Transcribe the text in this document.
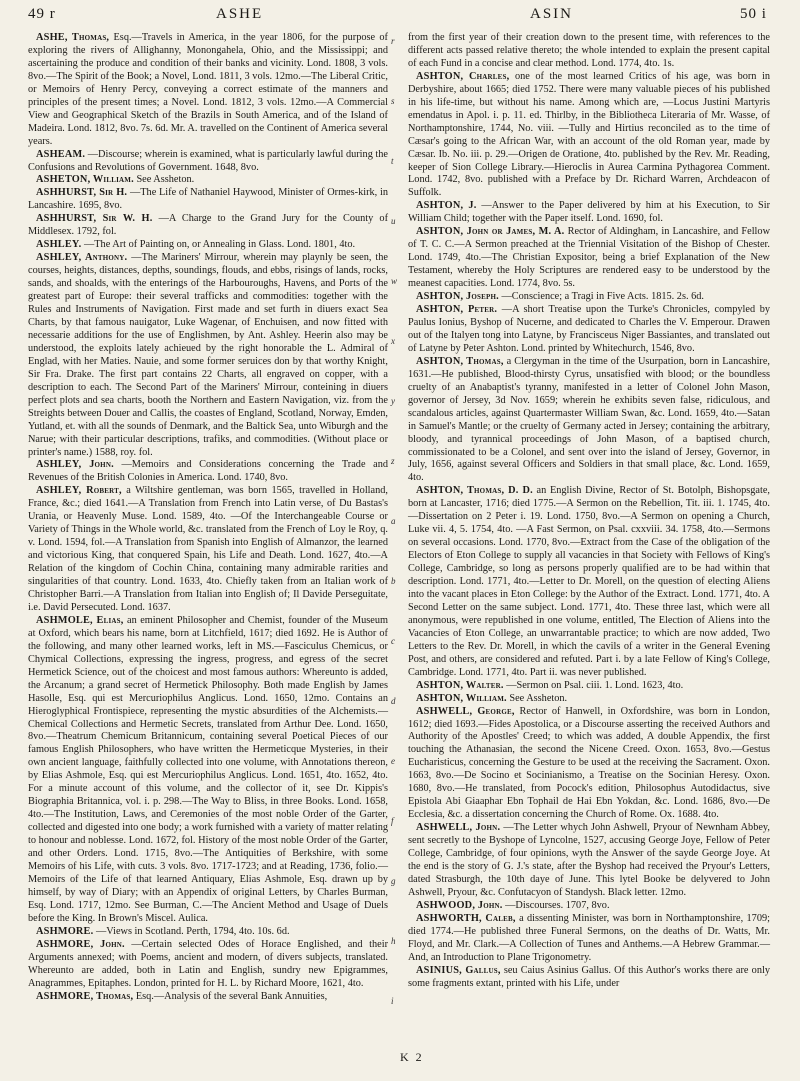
49 r	ASHE	ASIN	50 i

ASHE, Thomas, Esq.—Travels in America, in the year 1806, for the purpose of exploring the rivers of Allighanny, Monongahela, Ohio, and the Mississippi; and ascertaining the produce and condition of their banks and vicinity. Lond. 1808, 3 vols. 8vo.—The Spirit of the Book; a Novel, Lond. 1811, 3 vols. 12mo.—The Liberal Critic, or Memoirs of Henry Percy, conveying a correct estimate of the manners and principles of the present times; a Novel. Lond. 1812, 3 vols. 12mo.—A Commercial View and Geographical Sketch of the Brazils in South America, and of the Island of Madeira. Lond. 1812, 8vo. 7s. 6d. Mr. A. travelled on the Continent of America several years.

ASHEAM. —Discourse; wherein is examined, what is particularly lawful during the Confusions and Revolutions of Government. 1648, 8vo.

ASHETON, William. See Assheton.

ASHHURST, Sir H. —The Life of Nathaniel Haywood, Minister of Ormes-kirk, in Lancashire. 1695, 8vo.

ASHHURST, Sir W. H. —A Charge to the Grand Jury for the County of Middlesex. 1792, fol.

ASHLEY. —The Art of Painting on, or Annealing in Glass. Lond. 1801, 4to.

ASHLEY, Anthony. —The Mariners' Mirrour, wherein may playnly be seen, the courses, heights, distances, depths, soundings, flouds, and ebbs, risings of lands, rocks, sands, and shoalds, with the enterings of the Harbouroughs, Havens, and Ports of the greatest part of Europe: their several trafficks and commodities: together with the Rules and Instruments of Navigation. First made and set furth in diuers exact Sea Charts, by that famous nauigator, Luke Wagenar, of Enchuisen, and now fitted with necessarie additions for the use of Englishmen, by Ant. Ashley. Heerin also may be understood, the exploits lately achieued by the right honorable the L. Admiral of Englad, with her Maties. Nauie, and some former seruices don by that worthy Knight, Sir Fra. Drake. The first part contains 22 Charts, all engraved on copper, with a description to each. The Second Part of the Mariners' Mirrour, conteining in diuers perfect plots and sea charts, booth the Northern and Eastern Navigation, viz. from the Streights between Douer and Callis, the coastes of England, Scotland, Norway, Emden, Yutland, et. with all the sounds of Denmark, and the Baltick Sea, unto Wiburgh and the Narue; with their particular descriptions, trafiks, and commodities. (Without place or printer's name.) 1588, roy. fol.

ASHLEY, John. —Memoirs and Considerations concerning the Trade and Revenues of the British Colonies in America. Lond. 1740, 8vo.

ASHLEY, Robert, a Wiltshire gentleman, was born 1565, travelled in Holland, France, &c.; died 1641.—A Translation from French into Latin verse, of Du Bastas's Urania, or Heavenly Muse. Lond. 1589, 4to. —Of the Interchangeable Course or Variety of Things in the Whole world, &c. translated from the French of Loy le Roy, q. v. Lond. 1594, fol.—A Translation from Spanish into English of Almanzor, the learned and victorious King, that conquered Spain, his Life and Death. Lond. 1627, 4to.—A Relation of the kingdom of Cochin China, containing many admirable rarities and singularities of that country. Lond. 1633, 4to. Chiefly taken from an Italian work of Christopher Barri.—A Translation from Italian into English of; Il Davide Perseguitate, i.e. David Persecuted. Lond. 1637.

ASHMOLE, Elias, an eminent Philosopher and Chemist, founder of the Museum at Oxford, which bears his name, born at Litchfield, 1617; died 1692. He is Author of the following, and many other learned works, left in MS.—Fasciculus Chemicus, or Chymical Collections, expressing the ingress, progress, and egress of the secret Hermetick Science, out of the choicest and most famous authors: Whereunto is added, the Arcanum; a grand secret of Hermetick Philosophy. Both made English by James Hasolle, Esq. qui est Mercuriophilus Anglicus. Lond. 1650, 12mo. Contains an Hieroglyphical Frontispiece, representing the mystic absurdities of the Alchemists.—Chemical Collections and Hermetic Secrets, translated from Arthur Dee. Lond. 1650, 8vo.—Theatrum Chemicum Britannicum, containing several Poetical Pieces of our famous English Philosophers, who have written the Hermeticque Mysteries, in their own ancient language, faithfully collected into one volume, with Annotations thereon, by Elias Ashmole, Esq. qui est Mercuriophilus Anglicus. Lond. 1651, 4to. 1652, 4to. For a minute account of this volume, and the collector of it, see Dr. Kippis's Biographia Britannica, vol. i. p. 298.—The Way to Bliss, in three Books. Lond. 1658, 4to.—The Institution, Laws, and Ceremonies of the most noble Order of the Garter, collected and digested into one body; a work furnished with a variety of matter relating to honour and noblesse. Lond. 1672, fol. History of the most noble Order of the Garter, and other Orders. Lond. 1715, 8vo.—The Antiquities of Berkshire, with some Memoirs of his Life, with cuts. 3 vols. 8vo. 1717-1723; and at Reading, 1736, folio.—Memoirs of the Life of that learned Antiquary, Elias Ashmole, Esq. drawn up by himself, by way of Diary; with an Appendix of original Letters, by Charles Burman, Esq. Lond. 1717, 12mo. See Burman, C.—The Ancient Method and Usage of Duels before the King. In Brown's Miscel. Aulica.

ASHMORE. —Views in Scotland. Perth, 1794, 4to. 10s. 6d.

ASHMORE, John. —Certain selected Odes of Horace Englished, and their Arguments annexed; with Poems, ancient and modern, of divers subjects, translated. Whereunto are added, both in Latin and English, sundry new Epigrammes, Anagrammes, Epitaphes. London, printed for H. L. by Richard Moore, 1621, 4to.

ASHMORE, Thomas, Esq.—Analysis of the several Bank Annuities,

r
s
t
u
w
x
y
z
a
b
c
d
e
f
g
h
i

from the first year of their creation down to the present time, with references to the different acts passed relative thereto; the whole intended to explain the present capital of each Fund in a concise and clear method. Lond. 1774, 4to. 1s.

ASHTON, Charles, one of the most learned Critics of his age, was born in Derbyshire, about 1665; died 1752. There were many valuable pieces of his published in his life-time, but without his name. Among which are, —Locus Justini Martyris emendatus in Apol. i. p. 11. ed. Thirlby, in the Bibliotheca Literaria of Mr. Wasse, of Northamptonshire, 1744, No. viii. —Tully and Hirtius reconciled as to the time of Cæsar's going to the African War, with an account of the old Roman year, made by Cæsar. Ib. No. iii. p. 29.—Origen de Oratione, 4to. published by the Rev. Mr. Reading, keeper of Sion College Library.—Hieroclis in Aurea Carmina Pythagorea Comment. Lond. 1742, 8vo. published with a Preface by Dr. Richard Warren, Archdeacon of Suffolk.

ASHTON, J. —Answer to the Paper delivered by him at his Execution, to Sir William Child; together with the Paper itself. Lond. 1690, fol.

ASHTON, John or James, M. A. Rector of Aldingham, in Lancashire, and Fellow of T. C. C.—A Sermon preached at the Triennial Visitation of the Bishop of Chester. Lond. 1749, 4to.—The Christian Expositor, being a brief Explanation of the New Testament, whereby the Holy Scriptures are rendered easy to be understood by the meanest capacities. Lond. 1774, 8vo. 5s.

ASHTON, Joseph. —Conscience; a Tragi in Five Acts. 1815. 2s. 6d.

ASHTON, Peter. —A short Treatise upon the Turke's Chronicles, compyled by Paulus Ionius, Byshop of Nucerne, and dedicated to Charles the V. Emperour. Drawen out of the Italyen tong into Latyne, by Francisceus Niger Bassiantes, and translated out of Latyne by Peter Ashton. Lond. printed by Whitechurch, 1546, 8vo.

ASHTON, Thomas, a Clergyman in the time of the Usurpation, born in Lancashire, 1631.—He published, Blood-thirsty Cyrus, unsatisfied with blood; or the boundless cruelty of an Anabaptist's tyranny, manifested in a letter of Colonel John Mason, governor of Jersey, 3d Nov. 1659; wherein he exhibits seven false, ridiculous, and scandalous articles, against Quartermaster William Swan, &c. Lond. 1659, 4to.—Satan in Samuel's Mantle; or the cruelty of Germany acted in Jersey; containing the arbitrary, bloody, and tyrannical proceedings of John Mason, of a baptised church, commissionated to be a Colonel, and sent over into the island of Jersey, Governor, in July, 1656, against several Officers and Soldiers in that small place, &c. Lond. 1659, 4to.

ASHTON, Thomas, D. D. an English Divine, Rector of St. Botolph, Bishopsgate, born at Lancaster, 1716; died 1775.—A Sermon on the Rebellion, Tit. iii. 1. 1745, 4to.—Dissertation on 2 Peter i. 19. Lond. 1750, 8vo.—A Sermon on opening a Church, Luke vii. 4, 5. 1754, 4to. —A Fast Sermon, on Psal. cxxviii. 34. 1758, 4to.—Sermons on several occasions. Lond. 1770, 8vo.—Extract from the Case of the obligation of the Electors of Eton College to supply all vacancies in that Society with Fellows of King's College, Cambridge, so long as persons properly qualified are to be had within that description. Lond. 1771, 4to.—Letter to Dr. Morell, on the question of electing Aliens into the vacant places in Eton College: by the Author of the Extract. Lond. 1771, 4to. A Second Letter on the same subject. Lond. 1771, 4to. These three last, which were all anonymous, were republished in one volume, entitled, The Election of Aliens into the Vacancies of Eton College, an unwarrantable practice; to which are now added, Two Letters to the Rev. Dr. Morell, in which the cavils of a writer in the General Evening Post, and others, are considered and refuted. Part i. by a late Fellow of King's College, Cambridge. Lond. 1771, 4to. Part ii. was never published.

ASHTON, Walter. —Sermon on Psal. ciii. 1. Lond. 1623, 4to.

ASHTON, William. See Assheton.

ASHWELL, George, Rector of Hanwell, in Oxfordshire, was born in London, 1612; died 1693.—Fides Apostolica, or a Discourse asserting the received Authors and Authority of the Apostles' Creed; to which was added, A double Appendix, the first touching the Athanasian, the second the Nicene Creed. Oxon. 1653, 8vo.—Gestus Eucharisticus, concerning the Gesture to be used at the receiving the Sacrament. Oxon. 1663, 8vo.—De Socino et Socinianismo, a Treatise on the Socinian Heresy. Oxon. 1680, 8vo.—He translated, from Pocock's edition, Philosophus Autodidactus, sive Epistola Abi Giaaphar Ebn Tophail de Hai Ebn Yokdan, &c. Lond. 1686, 8vo.—De Ecclesia, &c. a dissertation concerning the Church of Rome. Ox. 1688. 4to.

ASHWELL, John. —The Letter whych John Ashwell, Pryour of Newnham Abbey, sent secretly to the Byshope of Lyncolne, 1527, accusing George Joye, Fellow of Peter College, Cambridge, of four opinions, wyth the Answer of the sayde George Joye. At the end is the story of G. J.'s state, after the Byshop had received the Pryour's Letters, dated Strasburgh, the 10th daye of June. This lytel Booke be delyvered to John Ashwell, Pryour, &c. Confutacyon of Standysh. Black letter. 12mo.

ASHWOOD, John. —Discourses. 1707, 8vo.

ASHWORTH, Caleb, a dissenting Minister, was born in Northamptonshire, 1709; died 1774.—He published three Funeral Sermons, on the deaths of Dr. Watts, Mr. Floyd, and Mr. Clark.—A Collection of Tunes and Anthems.—A Hebrew Grammar.—And, an Introduction to Plane Trigonometry.

ASINIUS, Gallus, seu Caius Asinius Gallus. Of this Author's works there are only some fragments extant, printed with his Life, under

K 2
